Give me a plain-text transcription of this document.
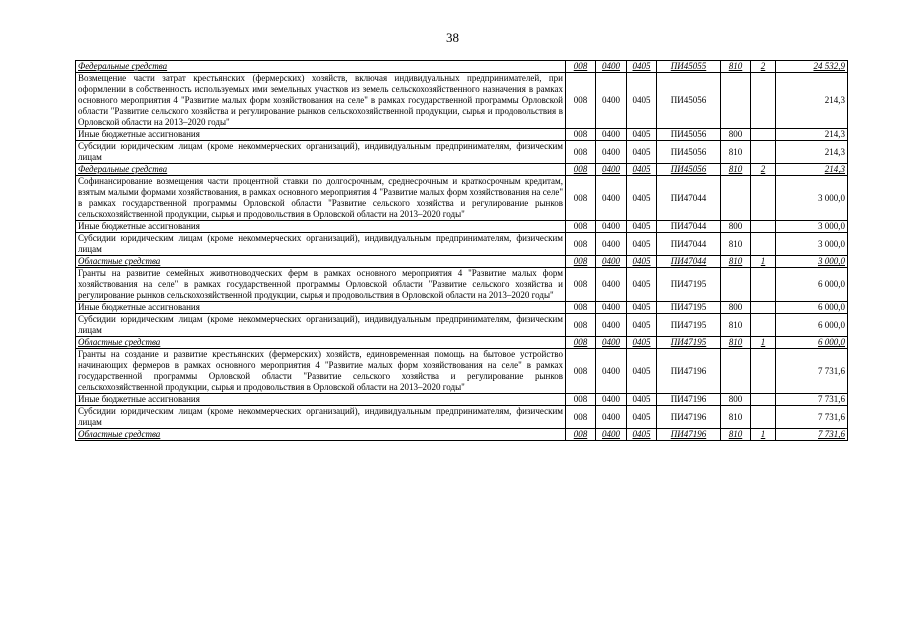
38
Федеральные средства	008	0400	0405	ПИ45055	810	2	24 532,9
Возмещение части затрат крестьянских (фермерских) хозяйств, включая индивидуальных предпринимателей, при оформлении в собственность используемых ими земельных участков из земель сельскохозяйственного назначения в рамках основного мероприятия 4 "Развитие малых форм хозяйствования на селе" в рамках государственной программы Орловской области "Развитие сельского хозяйства и регулирование рынков сельскохозяйственной продукции, сырья и продовольствия в Орловской области на 2013–2020 годы"	008	0400	0405	ПИ45056			214,3
Иные бюджетные ассигнования	008	0400	0405	ПИ45056	800		214,3
Субсидии юридическим лицам (кроме некоммерческих организаций), индивидуальным предпринимателям, физическим лицам	008	0400	0405	ПИ45056	810		214,3
Федеральные средства	008	0400	0405	ПИ45056	810	2	214,3
Софинансирование возмещения части процентной ставки по долгосрочным, среднесрочным и краткосрочным кредитам, взятым малыми формами хозяйствования, в рамках основного мероприятия 4 "Развитие малых форм хозяйствования на селе" в рамках государственной программы Орловской области "Развитие сельского хозяйства и регулирование рынков сельскохозяйственной продукции, сырья и продовольствия в Орловской области на 2013–2020 годы"	008	0400	0405	ПИ47044			3 000,0
Иные бюджетные ассигнования	008	0400	0405	ПИ47044	800		3 000,0
Субсидии юридическим лицам (кроме некоммерческих организаций), индивидуальным предпринимателям, физическим лицам	008	0400	0405	ПИ47044	810		3 000,0
Областные средства	008	0400	0405	ПИ47044	810	1	3 000,0
Гранты на развитие семейных животноводческих ферм в рамках основного мероприятия 4 "Развитие малых форм хозяйствования на селе" в рамках государственной программы Орловской области "Развитие сельского хозяйства и регулирование рынков сельскохозяйственной продукции, сырья и продовольствия в Орловской области на 2013–2020 годы"	008	0400	0405	ПИ47195			6 000,0
Иные бюджетные ассигнования	008	0400	0405	ПИ47195	800		6 000,0
Субсидии юридическим лицам (кроме некоммерческих организаций), индивидуальным предпринимателям, физическим лицам	008	0400	0405	ПИ47195	810		6 000,0
Областные средства	008	0400	0405	ПИ47195	810	1	6 000,0
Гранты на создание и развитие крестьянских (фермерских) хозяйств, единовременная помощь на бытовое устройство начинающих фермеров в рамках основного мероприятия 4 "Развитие малых форм хозяйствования на селе" в рамках государственной программы Орловской области "Развитие сельского хозяйства и регулирование рынков сельскохозяйственной продукции, сырья и продовольствия в Орловской области на 2013–2020 годы"	008	0400	0405	ПИ47196			7 731,6
Иные бюджетные ассигнования	008	0400	0405	ПИ47196	800		7 731,6
Субсидии юридическим лицам (кроме некоммерческих организаций), индивидуальным предпринимателям, физическим лицам	008	0400	0405	ПИ47196	810		7 731,6
Областные средства	008	0400	0405	ПИ47196	810	1	7 731,6
